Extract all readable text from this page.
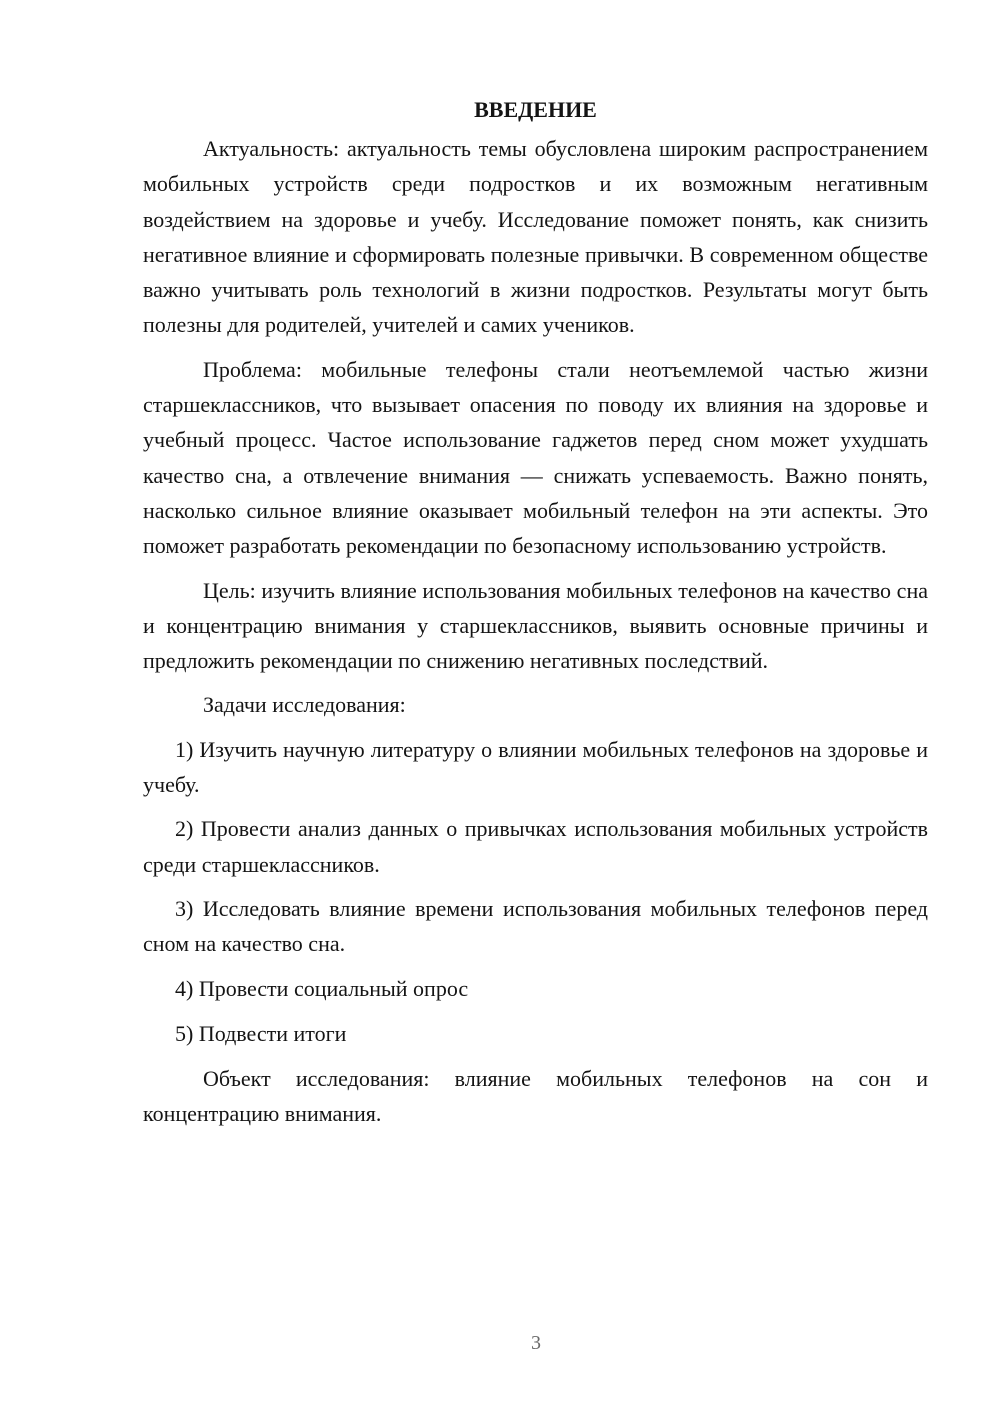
ВВЕДЕНИЕ

Актуальность: актуальность темы обусловлена широким распространением мобильных устройств среди подростков и их возможным негативным воздействием на здоровье и учебу. Исследование поможет понять, как снизить негативное влияние и сформировать полезные привычки. В современном обществе важно учитывать роль технологий в жизни подростков. Результаты могут быть полезны для родителей, учителей и самих учеников.

Проблема: мобильные телефоны стали неотъемлемой частью жизни старшеклассников, что вызывает опасения по поводу их влияния на здоровье и учебный процесс. Частое использование гаджетов перед сном может ухудшать качество сна, а отвлечение внимания — снижать успеваемость. Важно понять, насколько сильное влияние оказывает мобильный телефон на эти аспекты. Это поможет разработать рекомендации по безопасному использованию устройств.

Цель: изучить влияние использования мобильных телефонов на качество сна и концентрацию внимания у старшеклассников, выявить основные причины и предложить рекомендации по снижению негативных последствий.

Задачи исследования:

1) Изучить научную литературу о влиянии мобильных телефонов на здоровье и учебу.

2) Провести анализ данных о привычках использования мобильных устройств среди старшеклассников.

3) Исследовать влияние времени использования мобильных телефонов перед сном на качество сна.

4) Провести социальный опрос

5) Подвести итоги

Объект исследования: влияние мобильных телефонов на сон и концентрацию внимания.

3
